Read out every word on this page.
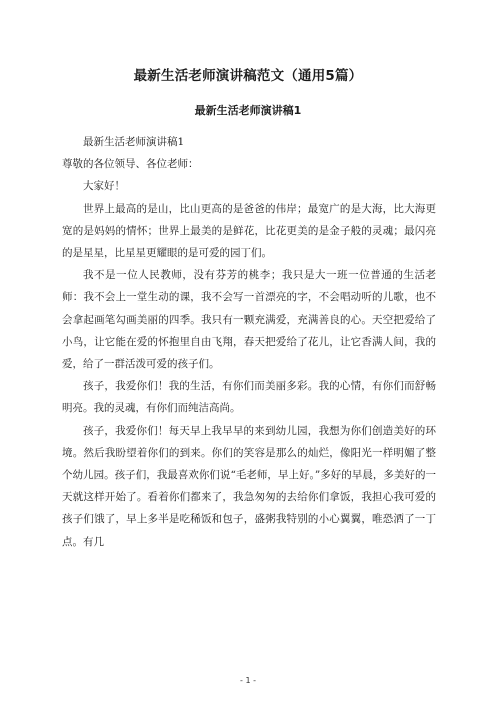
最新生活老师演讲稿范文（通用5篇）
最新生活老师演讲稿1

最新生活老师演讲稿1

尊敬的各位领导、各位老师：

大家好！

世界上最高的是山，比山更高的是爸爸的伟岸；最宽广的是大海，比大海更宽的是妈妈的情怀；世界上最美的是鲜花，比花更美的是金子般的灵魂；最闪亮的是星星，比星星更耀眼的是可爱的园丁们。

我不是一位人民教师，没有芬芳的桃李；我只是大一班一位普通的生活老师：我不会上一堂生动的课，我不会写一首漂亮的字，不会唱动听的儿歌，也不会拿起画笔勾画美丽的四季。我只有一颗充满爱，充满善良的心。天空把爱给了小鸟，让它能在爱的怀抱里自由飞翔，春天把爱给了花儿，让它香满人间，我的爱，给了一群活泼可爱的孩子们。

孩子，我爱你们！我的生活，有你们而美丽多彩。我的心情，有你们而舒畅明亮。我的灵魂，有你们而纯洁高尚。

孩子，我爱你们！每天早上我早早的来到幼儿园，我想为你们创造美好的环境。然后我盼望着你们的到来。你们的笑容是那么的灿烂，像阳光一样明媚了整个幼儿园。孩子们，我最喜欢你们说“毛老师，早上好。”多好的早晨，多美好的一天就这样开始了。看着你们都来了，我急匆匆的去给你们拿饭，我担心我可爱的孩子们饿了，早上多半是吃稀饭和包子，盛粥我特别的小心翼翼，唯恐洒了一丁点。有几

- 1 -
